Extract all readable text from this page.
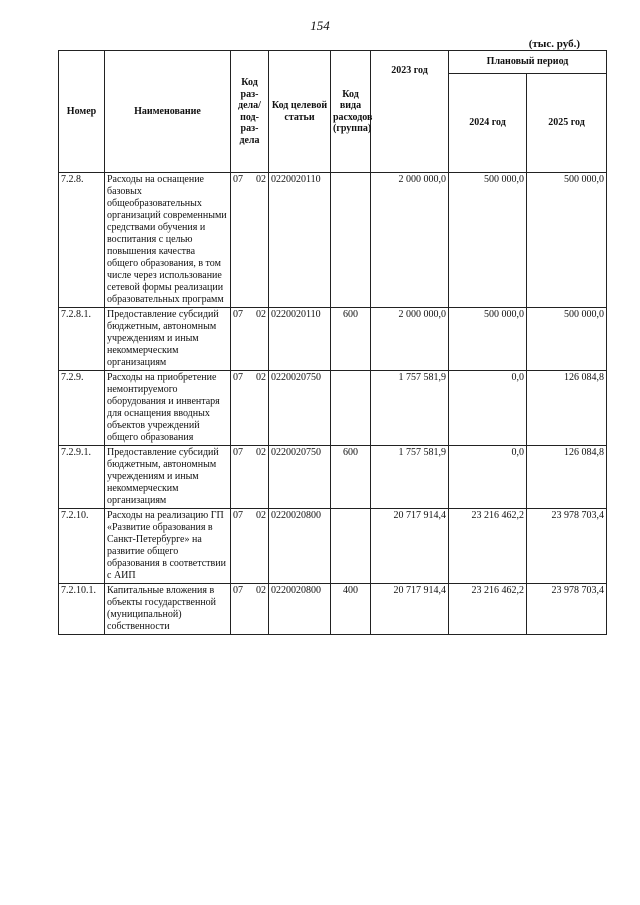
154
(тыс. руб.)
Номер	Наименование	Код раз-дела/ под-раз-дела	Код целевой статьи	Код вида расходов (группа)	2023 год	Плановый период	
						2024 год	2025 год
7.2.8.	Расходы на оснащение базовых общеобразовательных организаций современными средствами обучения и воспитания с целью повышения качества общего образования, в том числе через использование сетевой формы реализации образовательных программ	07 02	0220020110		2 000 000,0	500 000,0	500 000,0
7.2.8.1.	Предоставление субсидий бюджетным, автономным учреждениям и иным некоммерческим организациям	07 02	0220020110	600	2 000 000,0	500 000,0	500 000,0
7.2.9.	Расходы на приобретение немонтируемого оборудования и инвентаря для оснащения вводных объектов учреждений общего образования	07 02	0220020750		1 757 581,9	0,0	126 084,8
7.2.9.1.	Предоставление субсидий бюджетным, автономным учреждениям и иным некоммерческим организациям	07 02	0220020750	600	1 757 581,9	0,0	126 084,8
7.2.10.	Расходы на реализацию ГП «Развитие образования в Санкт-Петербурге» на развитие общего образования в соответствии с АИП	07 02	0220020800		20 717 914,4	23 216 462,2	23 978 703,4
7.2.10.1.	Капитальные вложения в объекты государственной (муниципальной) собственности	07 02	0220020800	400	20 717 914,4	23 216 462,2	23 978 703,4
